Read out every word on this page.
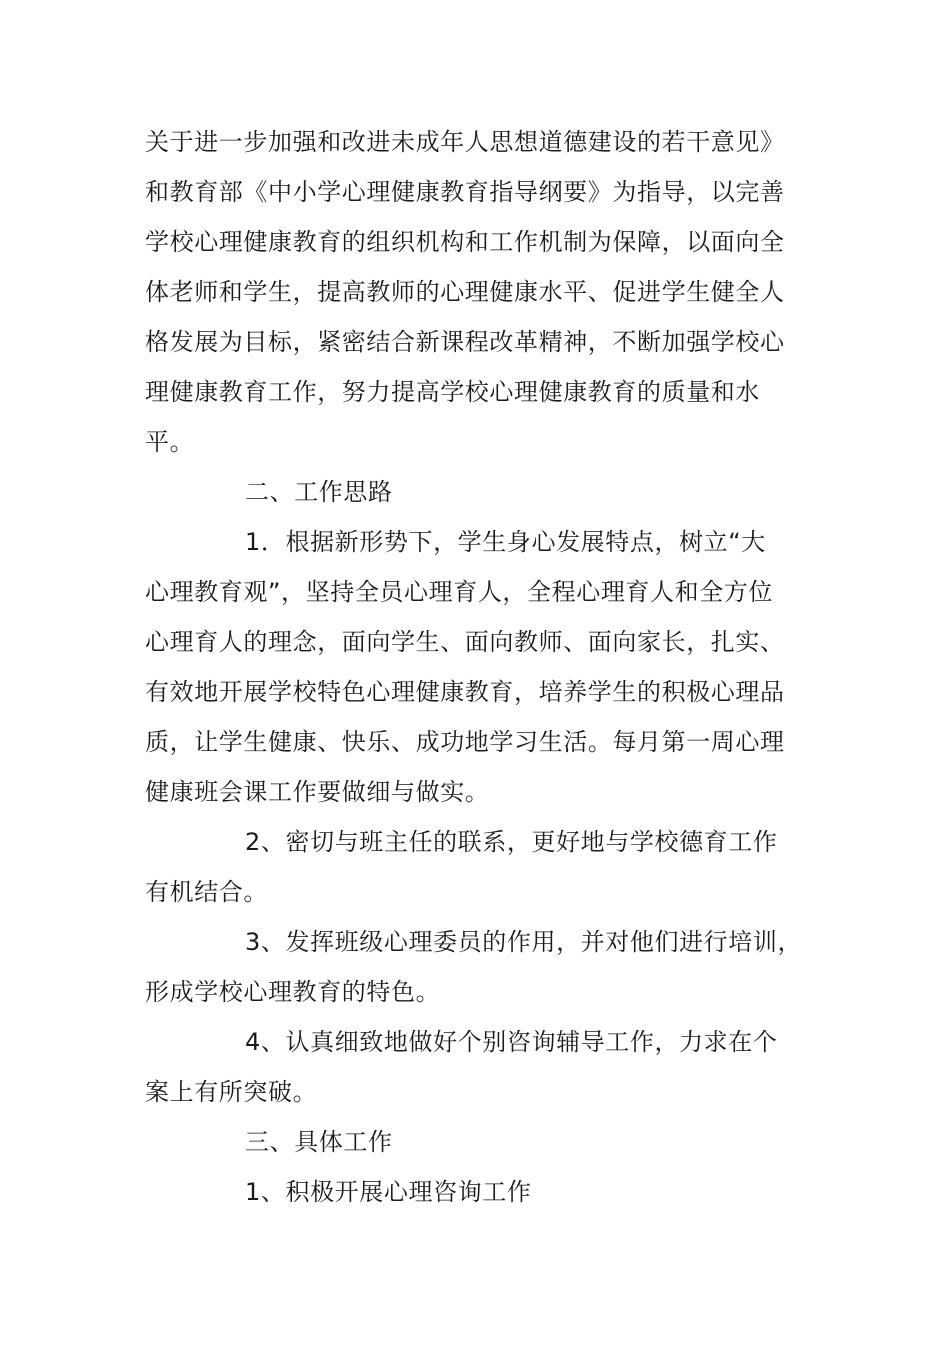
关于进一步加强和改进未成年人思想道德建设的若干意见》
和教育部《中小学心理健康教育指导纲要》为指导，以完善
学校心理健康教育的组织机构和工作机制为保障，以面向全
体老师和学生，提高教师的心理健康水平、促进学生健全人
格发展为目标，紧密结合新课程改革精神，不断加强学校心
理健康教育工作，努力提高学校心理健康教育的质量和水
平。
二、工作思路
1．根据新形势下，学生身心发展特点，树立“大
心理教育观”，坚持全员心理育人，全程心理育人和全方位
心理育人的理念，面向学生、面向教师、面向家长，扎实、
有效地开展学校特色心理健康教育，培养学生的积极心理品
质，让学生健康、快乐、成功地学习生活。每月第一周心理
健康班会课工作要做细与做实。
2、密切与班主任的联系，更好地与学校德育工作
有机结合。
3、发挥班级心理委员的作用，并对他们进行培训，
形成学校心理教育的特色。
4、认真细致地做好个别咨询辅导工作，力求在个
案上有所突破。
三、具体工作
1、积极开展心理咨询工作
